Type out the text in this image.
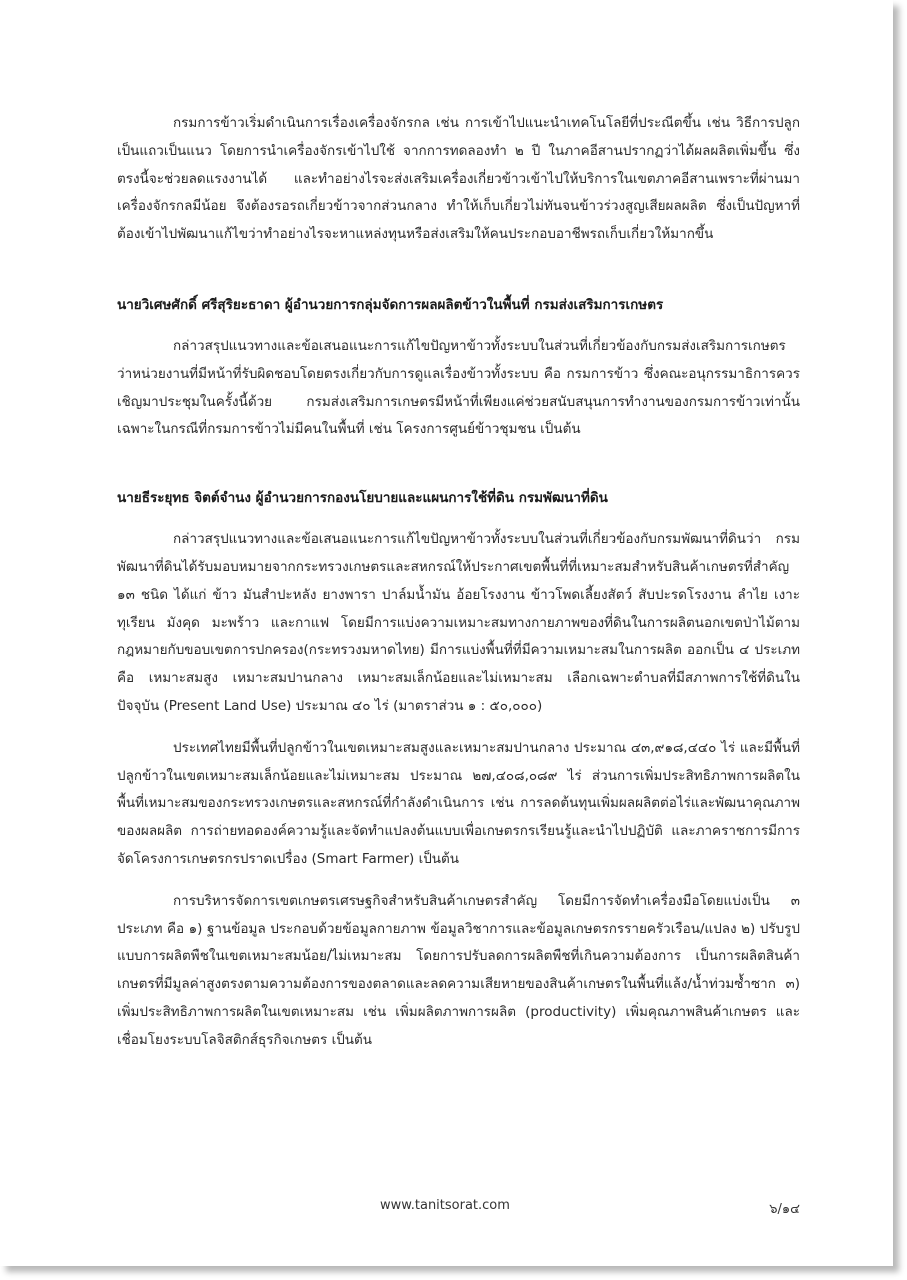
กรมการข้าวเริ่มดำเนินการเรื่องเครื่องจักรกล เช่น การเข้าไปแนะนำเทคโนโลยีที่ประณีตขึ้น เช่น วิธีการปลูกเป็นแถวเป็นแนว โดยการนำเครื่องจักรเข้าไปใช้ จากการทดลองทำ ๒ ปี ในภาคอีสานปรากฏว่าได้ผลผลิตเพิ่มขึ้น ซึ่งตรงนี้จะช่วยลดแรงงานได้ และทำอย่างไรจะส่งเสริมเครื่องเกี่ยวข้าวเข้าไปให้บริการในเขตภาคอีสานเพราะที่ผ่านมาเครื่องจักรกลมีน้อย จึงต้องรอรถเกี่ยวข้าวจากส่วนกลาง ทำให้เก็บเกี่ยวไม่ทันจนข้าวร่วงสูญเสียผลผลิต ซึ่งเป็นปัญหาที่ต้องเข้าไปพัฒนาแก้ไขว่าทำอย่างไรจะหาแหล่งทุนหรือส่งเสริมให้คนประกอบอาชีพรถเก็บเกี่ยวให้มากขึ้น

นายวิเศษศักดิ์ ศรีสุริยะธาดา ผู้อำนวยการกลุ่มจัดการผลผลิตข้าวในพื้นที่ กรมส่งเสริมการเกษตร

กล่าวสรุปแนวทางและข้อเสนอแนะการแก้ไขปัญหาข้าวทั้งระบบในส่วนที่เกี่ยวข้องกับกรมส่งเสริมการเกษตรว่าหน่วยงานที่มีหน้าที่รับผิดชอบโดยตรงเกี่ยวกับการดูแลเรื่องข้าวทั้งระบบ คือ กรมการข้าว ซึ่งคณะอนุกรรมาธิการควรเชิญมาประชุมในครั้งนี้ด้วย กรมส่งเสริมการเกษตรมีหน้าที่เพียงแค่ช่วยสนับสนุนการทำงานของกรมการข้าวเท่านั้น เฉพาะในกรณีที่กรมการข้าวไม่มีคนในพื้นที่ เช่น โครงการศูนย์ข้าวชุมชน เป็นต้น

นายธีระยุทธ จิตต์จำนง ผู้อำนวยการกองนโยบายและแผนการใช้ที่ดิน กรมพัฒนาที่ดิน

กล่าวสรุปแนวทางและข้อเสนอแนะการแก้ไขปัญหาข้าวทั้งระบบในส่วนที่เกี่ยวข้องกับกรมพัฒนาที่ดินว่า กรมพัฒนาที่ดินได้รับมอบหมายจากกระทรวงเกษตรและสหกรณ์ให้ประกาศเขตพื้นที่ที่เหมาะสมสำหรับสินค้าเกษตรที่สำคัญ ๑๓ ชนิด ได้แก่ ข้าว มันสำปะหลัง ยางพารา ปาล์มน้ำมัน อ้อยโรงงาน ข้าวโพดเลี้ยงสัตว์ สับปะรดโรงงาน ลำไย เงาะ ทุเรียน มังคุด มะพร้าว และกาแฟ โดยมีการแบ่งความเหมาะสมทางกายภาพของที่ดินในการผลิตนอกเขตป่าไม้ตามกฎหมายกับขอบเขตการปกครอง(กระทรวงมหาดไทย) มีการแบ่งพื้นที่ที่มีความเหมาะสมในการผลิต ออกเป็น ๔ ประเภท คือ เหมาะสมสูง เหมาะสมปานกลาง เหมาะสมเล็กน้อยและไม่เหมาะสม เลือกเฉพาะตำบลที่มีสภาพการใช้ที่ดินในปัจจุบัน (Present Land Use) ประมาณ ๔๐ ไร่ (มาตราส่วน ๑ : ๕๐,๐๐๐)

ประเทศไทยมีพื้นที่ปลูกข้าวในเขตเหมาะสมสูงและเหมาะสมปานกลาง ประมาณ ๔๓,๙๑๘,๔๔๐ ไร่ และมีพื้นที่ปลูกข้าวในเขตเหมาะสมเล็กน้อยและไม่เหมาะสม ประมาณ ๒๗,๔๐๘,๐๘๙ ไร่ ส่วนการเพิ่มประสิทธิภาพการผลิตในพื้นที่เหมาะสมของกระทรวงเกษตรและสหกรณ์ที่กำลังดำเนินการ เช่น การลดต้นทุนเพิ่มผลผลิตต่อไร่และพัฒนาคุณภาพของผลผลิต การถ่ายทอดองค์ความรู้และจัดทำแปลงต้นแบบเพื่อเกษตรกรเรียนรู้และนำไปปฏิบัติ และภาคราชการมีการจัดโครงการเกษตรกรปราดเปรื่อง (Smart Farmer) เป็นต้น

การบริหารจัดการเขตเกษตรเศรษฐกิจสำหรับสินค้าเกษตรสำคัญ โดยมีการจัดทำเครื่องมือโดยแบ่งเป็น ๓ ประเภท คือ ๑) ฐานข้อมูล ประกอบด้วยข้อมูลกายภาพ ข้อมูลวิชาการและข้อมูลเกษตรกรรายครัวเรือน/แปลง ๒) ปรับรูปแบบการผลิตพืชในเขตเหมาะสมน้อย/ไม่เหมาะสม โดยการปรับลดการผลิตพืชที่เกินความต้องการ เป็นการผลิตสินค้าเกษตรที่มีมูลค่าสูงตรงตามความต้องการของตลาดและลดความเสียหายของสินค้าเกษตรในพื้นที่แล้ง/น้ำท่วมซ้ำซาก ๓) เพิ่มประสิทธิภาพการผลิตในเขตเหมาะสม เช่น เพิ่มผลิตภาพการผลิต (productivity) เพิ่มคุณภาพสินค้าเกษตร และเชื่อมโยงระบบโลจิสติกส์ธุรกิจเกษตร เป็นต้น

www.tanitsorat.com	๖/๑๔
